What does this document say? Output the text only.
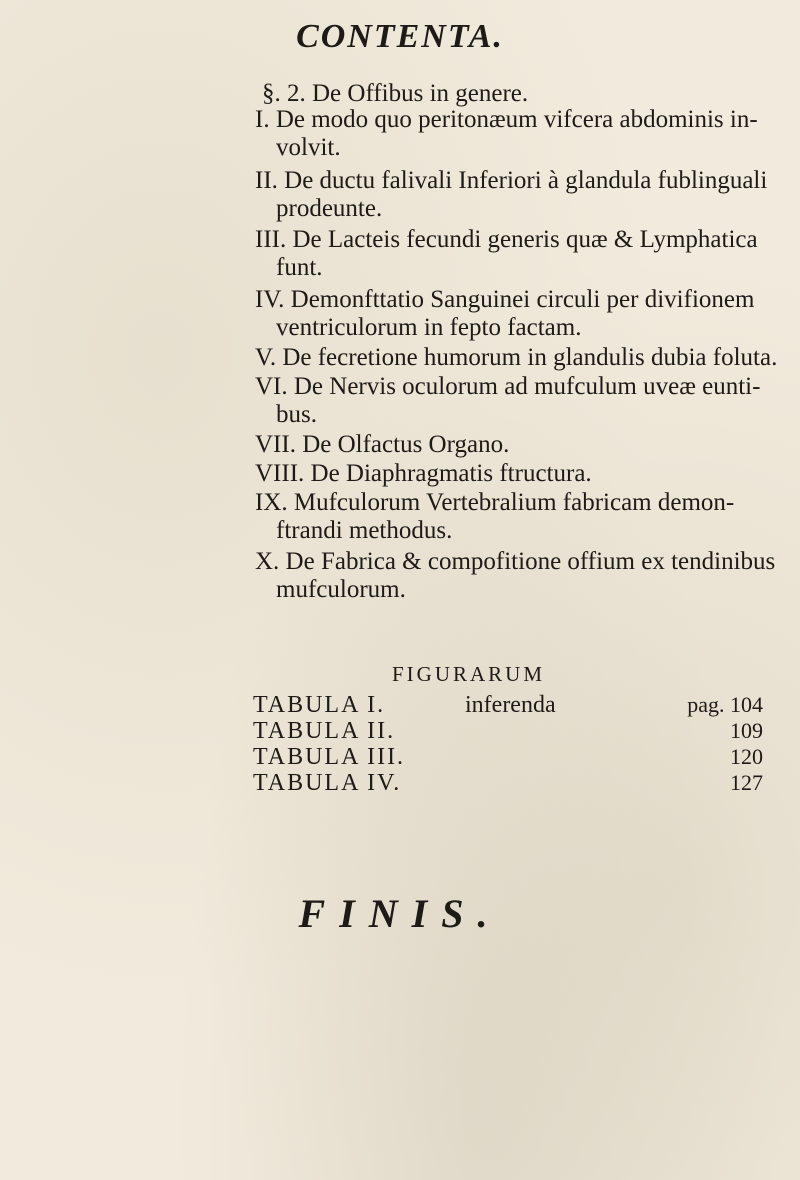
CONTENTA.
§. 2. De Offibus in genere.
I. De modo quo peritonæum vifcera abdominis in-
volvit.
II. De ductu falivali Inferiori à glandula fublinguali
prodeunte.
III. De Lacteis fecundi generis quæ & Lymphatica
funt.
IV. Demonfttatio Sanguinei circuli per divifionem
ventriculorum in fepto factam.
V. De fecretione humorum in glandulis dubia foluta.
VI. De Nervis oculorum ad mufculum uveæ eunti-
bus.
VII. De Olfactus Organo.
VIII. De Diaphragmatis ftructura.
IX. Mufculorum Vertebralium fabricam demon-
ftrandi methodus.
X. De Fabrica & compofitione offium ex tendinibus
mufculorum.
FIGURARUM
TABULA I.	inferenda	pag. 104
TABULA II.	109
TABULA III.	120
TABULA IV.	127
FINIS.
